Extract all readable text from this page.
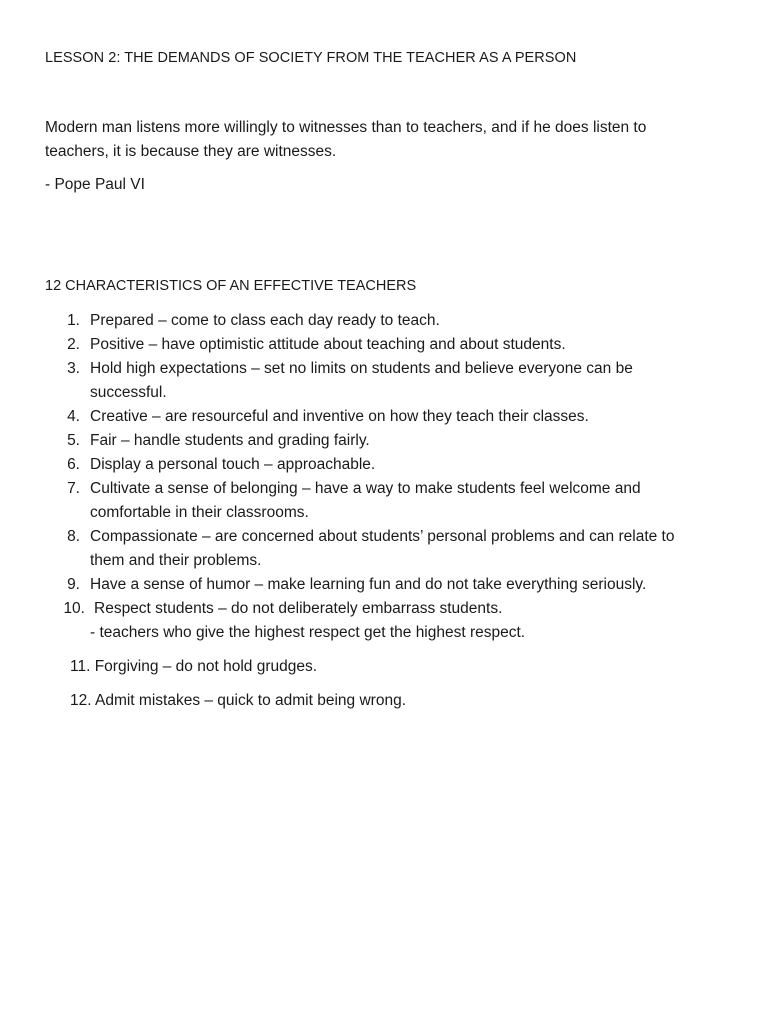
LESSON 2: THE DEMANDS OF SOCIETY FROM THE TEACHER AS A PERSON

Modern man listens more willingly to witnesses than to teachers, and if he does listen to teachers, it is because they are witnesses.

- Pope Paul VI
12 CHARACTERISTICS OF AN EFFECTIVE TEACHERS
1. Prepared – come to class each day ready to teach.
2. Positive – have optimistic attitude about teaching and about students.
3. Hold high expectations – set no limits on students and believe everyone can be successful.
4. Creative – are resourceful and inventive on how they teach their classes.
5. Fair – handle students and grading fairly.
6. Display a personal touch – approachable.
7. Cultivate a sense of belonging – have a way to make students feel welcome and comfortable in their classrooms.
8. Compassionate – are concerned about students’ personal problems and can relate to them and their problems.
9. Have a sense of humor – make learning fun and do not take everything seriously.
10. Respect students – do not deliberately embarrass students.
- teachers who give the highest respect get the highest respect.
11. Forgiving – do not hold grudges.
12. Admit mistakes – quick to admit being wrong.
